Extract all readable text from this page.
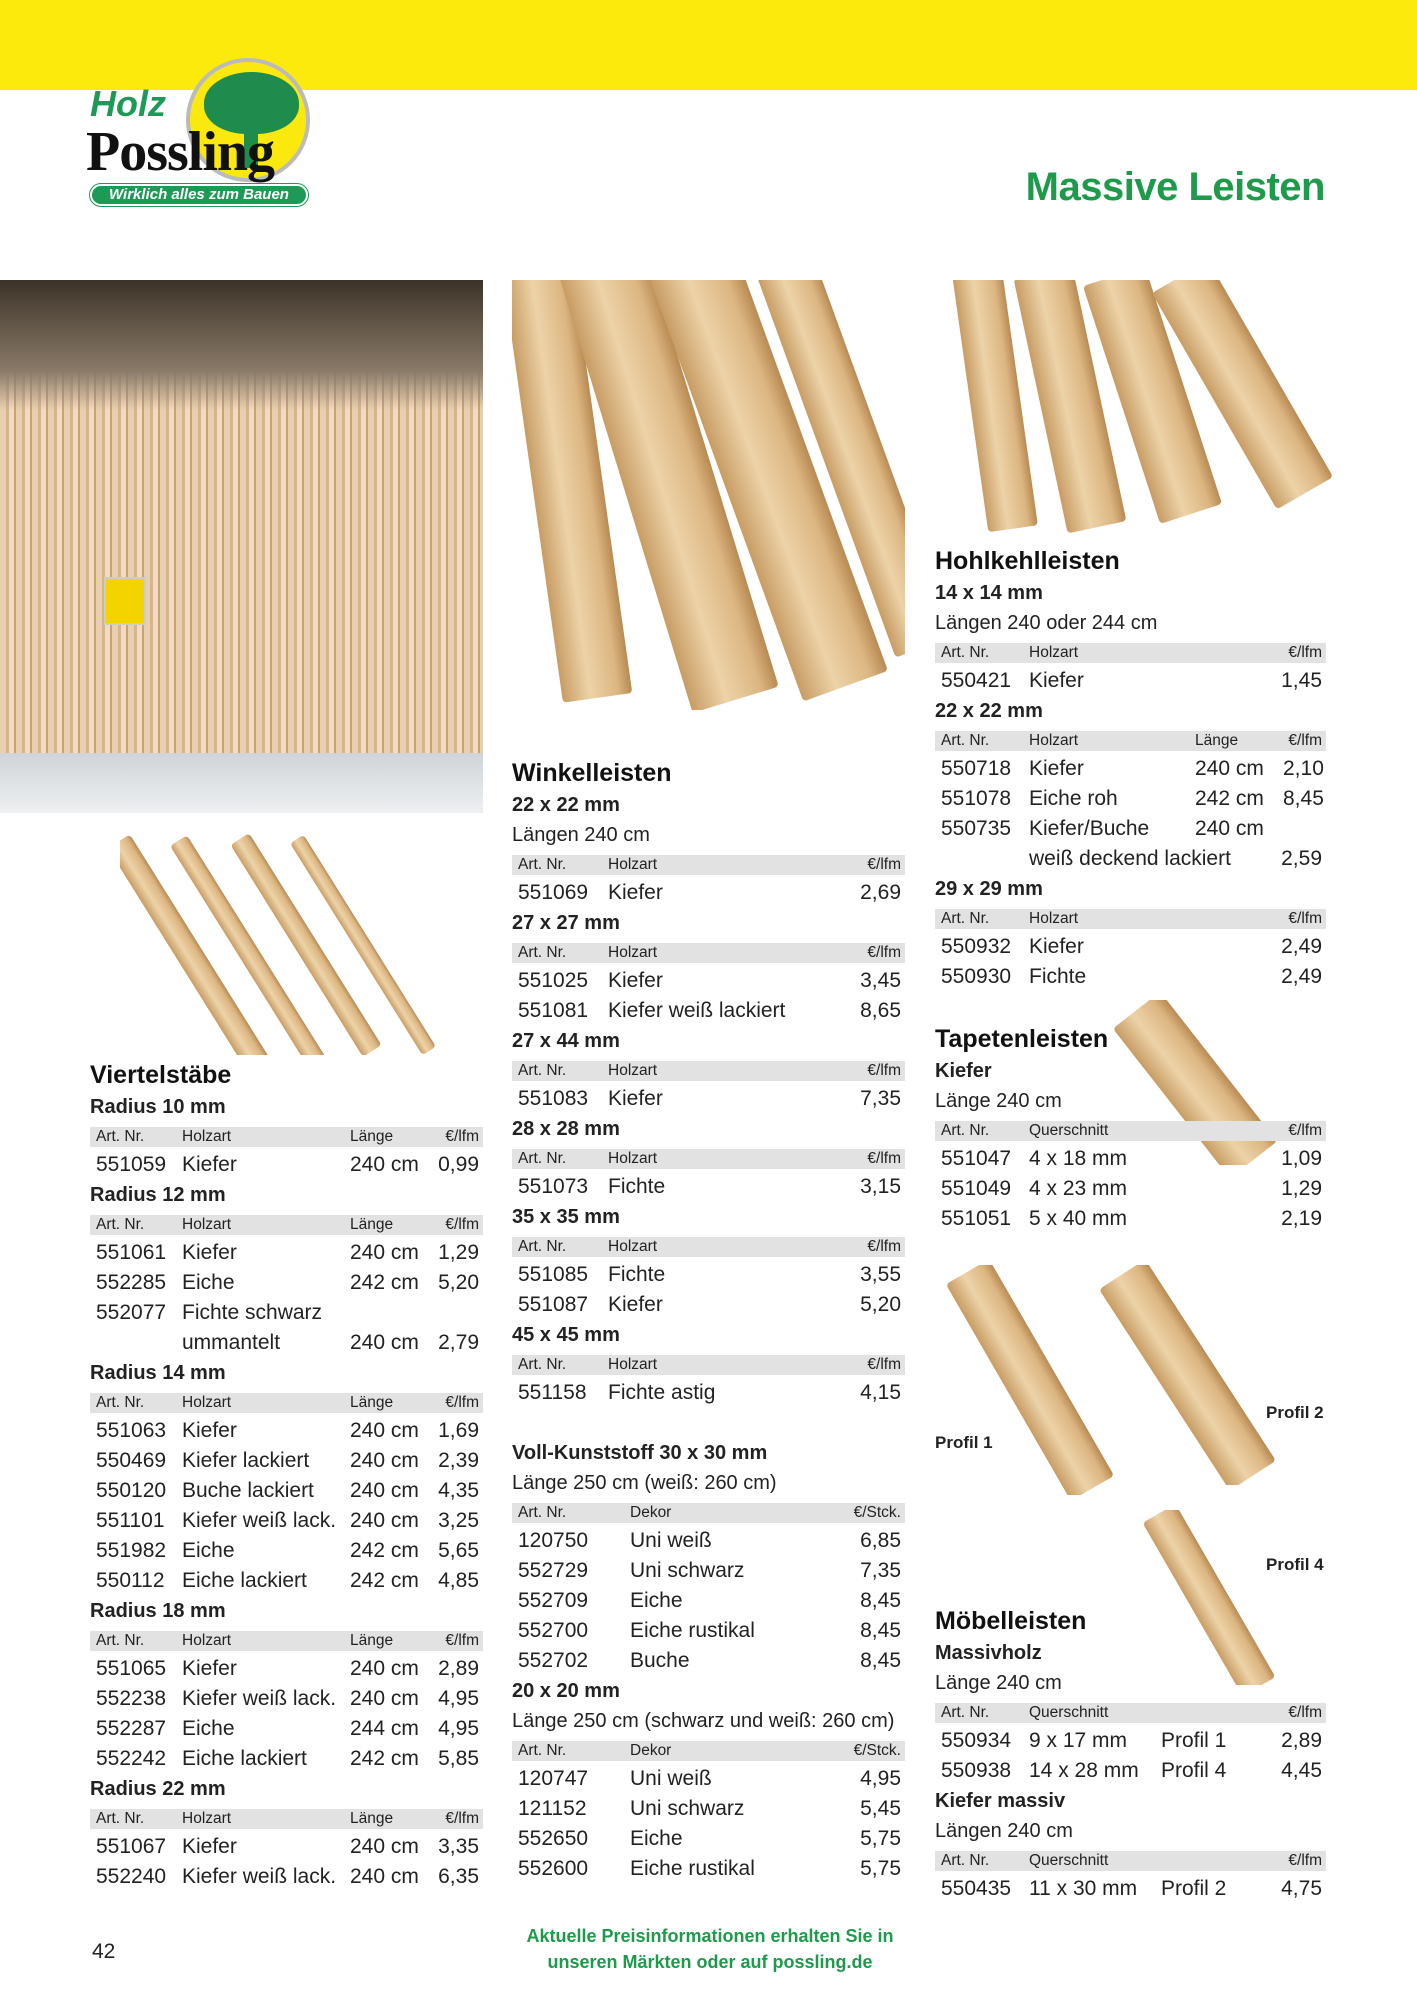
Holz
Possling
Wirklich alles zum Bauen	Massive Leisten
Profil 1
Profil 2
Profil 4
Viertelstäbe
Radius 10 mm
Art. Nr.	Holzart	Länge	€/lfm
551059 Kiefer	240 cm 0,99
Radius 12 mm
Art. Nr.	Holzart	Länge	€/lfm
551061 Kiefer	240 cm 1,29
552285 Eiche	242 cm 5,20
552077 Fichte schwarz
ummantelt	240 cm 2,79
Radius 14 mm
Art. Nr.	Holzart	Länge	€/lfm
551063 Kiefer	240 cm 1,69
550469 Kiefer lackiert	240 cm 2,39
550120 Buche lackiert	240 cm 4,35
551101 Kiefer weiß lack. 240 cm 3,25
551982 Eiche	242 cm 5,65
550112 Eiche lackiert	242 cm 4,85
Radius 18 mm
Art. Nr.	Holzart	Länge	€/lfm
551065 Kiefer	240 cm 2,89
552238 Kiefer weiß lack. 240 cm 4,95
552287 Eiche	244 cm 4,95
552242 Eiche lackiert	242 cm 5,85
Radius 22 mm
Art. Nr.	Holzart	Länge	€/lfm
551067 Kiefer	240 cm 3,35
552240 Kiefer weiß lack. 240 cm 6,35
Winkelleisten
22 x 22 mm
Längen 240 cm
Art. Nr.	Holzart	€/lfm
551069 Kiefer	2,69
27 x 27 mm
Art. Nr.	Holzart	€/lfm
551025 Kiefer	3,45
551081 Kiefer weiß lackiert	8,65
27 x 44 mm
Art. Nr.	Holzart	€/lfm
551083 Kiefer	7,35
28 x 28 mm
Art. Nr.	Holzart	€/lfm
551073 Fichte	3,15
35 x 35 mm
Art. Nr.	Holzart	€/lfm
551085 Fichte	3,55
551087 Kiefer	5,20
45 x 45 mm
Art. Nr.	Holzart	€/lfm
551158	Fichte astig	4,15
Voll-Kunststoff 30 x 30 mm
Länge 250 cm (weiß: 260 cm)
Art. Nr.	Dekor	€/Stck.
120750	Uni weiß	6,85
552729	Uni schwarz	7,35
552709	Eiche	8,45
552700	Eiche rustikal	8,45
552702	Buche	8,45
20 x 20 mm
Länge 250 cm (schwarz und weiß: 260 cm)
Art. Nr.	Dekor	€/Stck.
120747	Uni weiß	4,95
121152	Uni schwarz	5,45
552650	Eiche	5,75
552600	Eiche rustikal	5,75
Hohlkehlleisten
14 x 14 mm
Längen 240 oder 244 cm
Art. Nr.	Holzart	€/lfm
550421 Kiefer	1,45
22 x 22 mm
Art. Nr.	Holzart	Länge	€/lfm
550718 Kiefer	240 cm 2,10
551078 Eiche roh	242 cm 8,45
550735 Kiefer/Buche	240 cm
weiß deckend lackiert	2,59
29 x 29 mm
Art. Nr.	Holzart	€/lfm
550932 Kiefer	2,49
550930 Fichte	2,49
Tapetenleisten
Kiefer
Länge 240 cm
Art. Nr.	Querschnitt	€/lfm
551047 4 x 18 mm	1,09
551049 4 x 23 mm	1,29
551051 5 x 40 mm	2,19
Möbelleisten
Massivholz
Länge 240 cm
Art. Nr.	Querschnitt	€/lfm
550934 9 x 17 mm	Profil 1	2,89
550938 14 x 28 mm	Profil 4	4,45
Kiefer massiv
Längen 240 cm
Art. Nr.	Querschnitt	€/lfm
550435 11 x 30 mm	Profil 2	4,75
Aktuelle Preisinformationen erhalten Sie in
unseren Märkten oder auf possling.de
42
